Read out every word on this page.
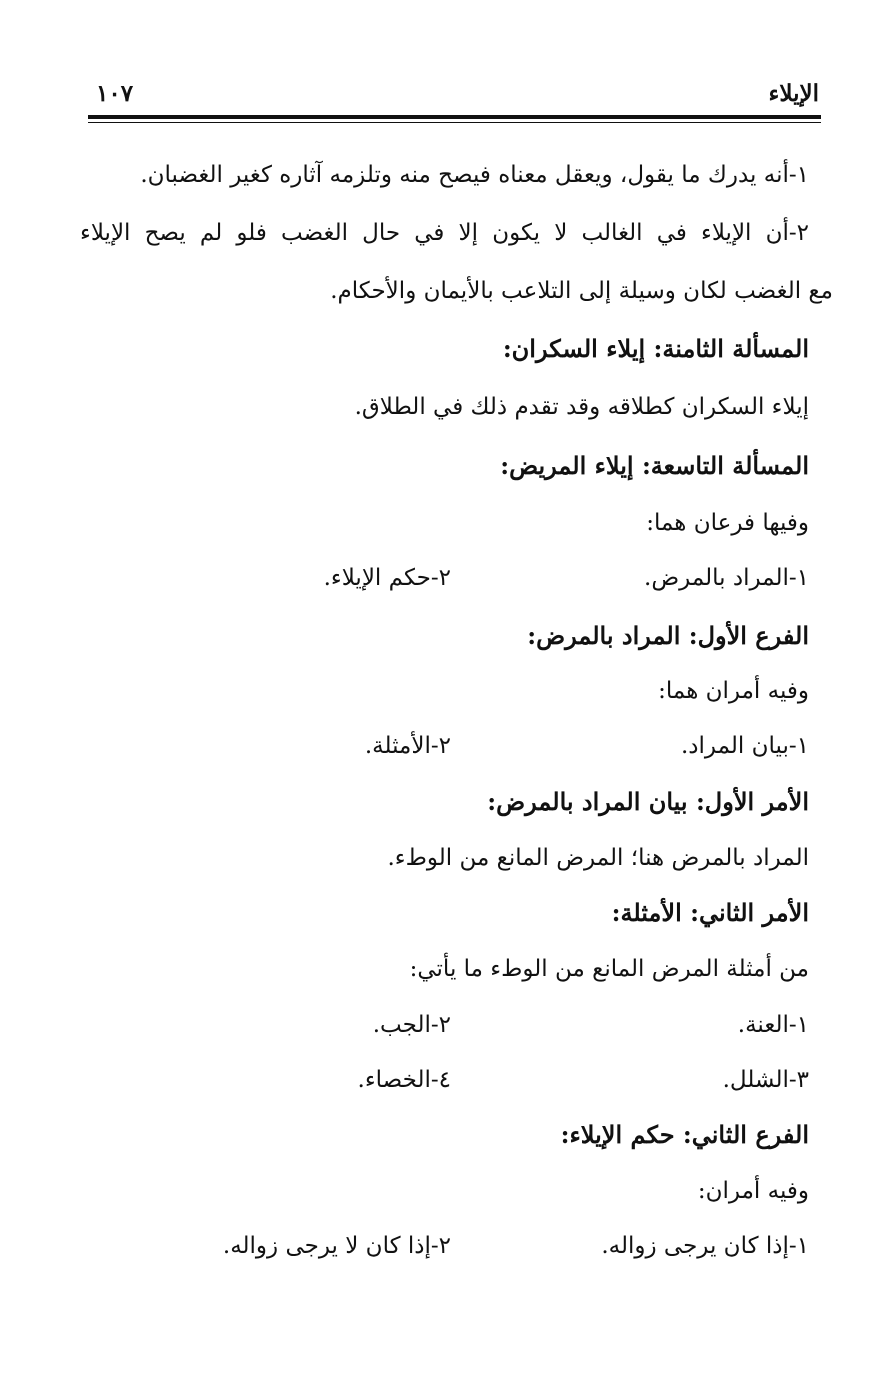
الإيلاء
١٠٧
١-أنه يدرك ما يقول، ويعقل معناه فيصح منه وتلزمه آثاره كغير الغضبان.
٢-أن الإيلاء في الغالب لا يكون إلا في حال الغضب فلو لم يصح الإيلاء
مع الغضب لكان وسيلة إلى التلاعب بالأيمان والأحكام.
المسألة الثامنة: إيلاء السكران:
إيلاء السكران كطلاقه وقد تقدم ذلك في الطلاق.
المسألة التاسعة: إيلاء المريض:
وفيها فرعان هما:
١-المراد بالمرض.
٢-حكم الإيلاء.
الفرع الأول: المراد بالمرض:
وفيه أمران هما:
١-بيان المراد.
٢-الأمثلة.
الأمر الأول: بيان المراد بالمرض:
المراد بالمرض هنا؛ المرض المانع من الوطء.
الأمر الثاني: الأمثلة:
من أمثلة المرض المانع من الوطء ما يأتي:
١-العنة.
٢-الجب.
٣-الشلل.
٤-الخصاء.
الفرع الثاني: حكم الإيلاء:
وفيه أمران:
١-إذا كان يرجى زواله.
٢-إذا كان لا يرجى زواله.
